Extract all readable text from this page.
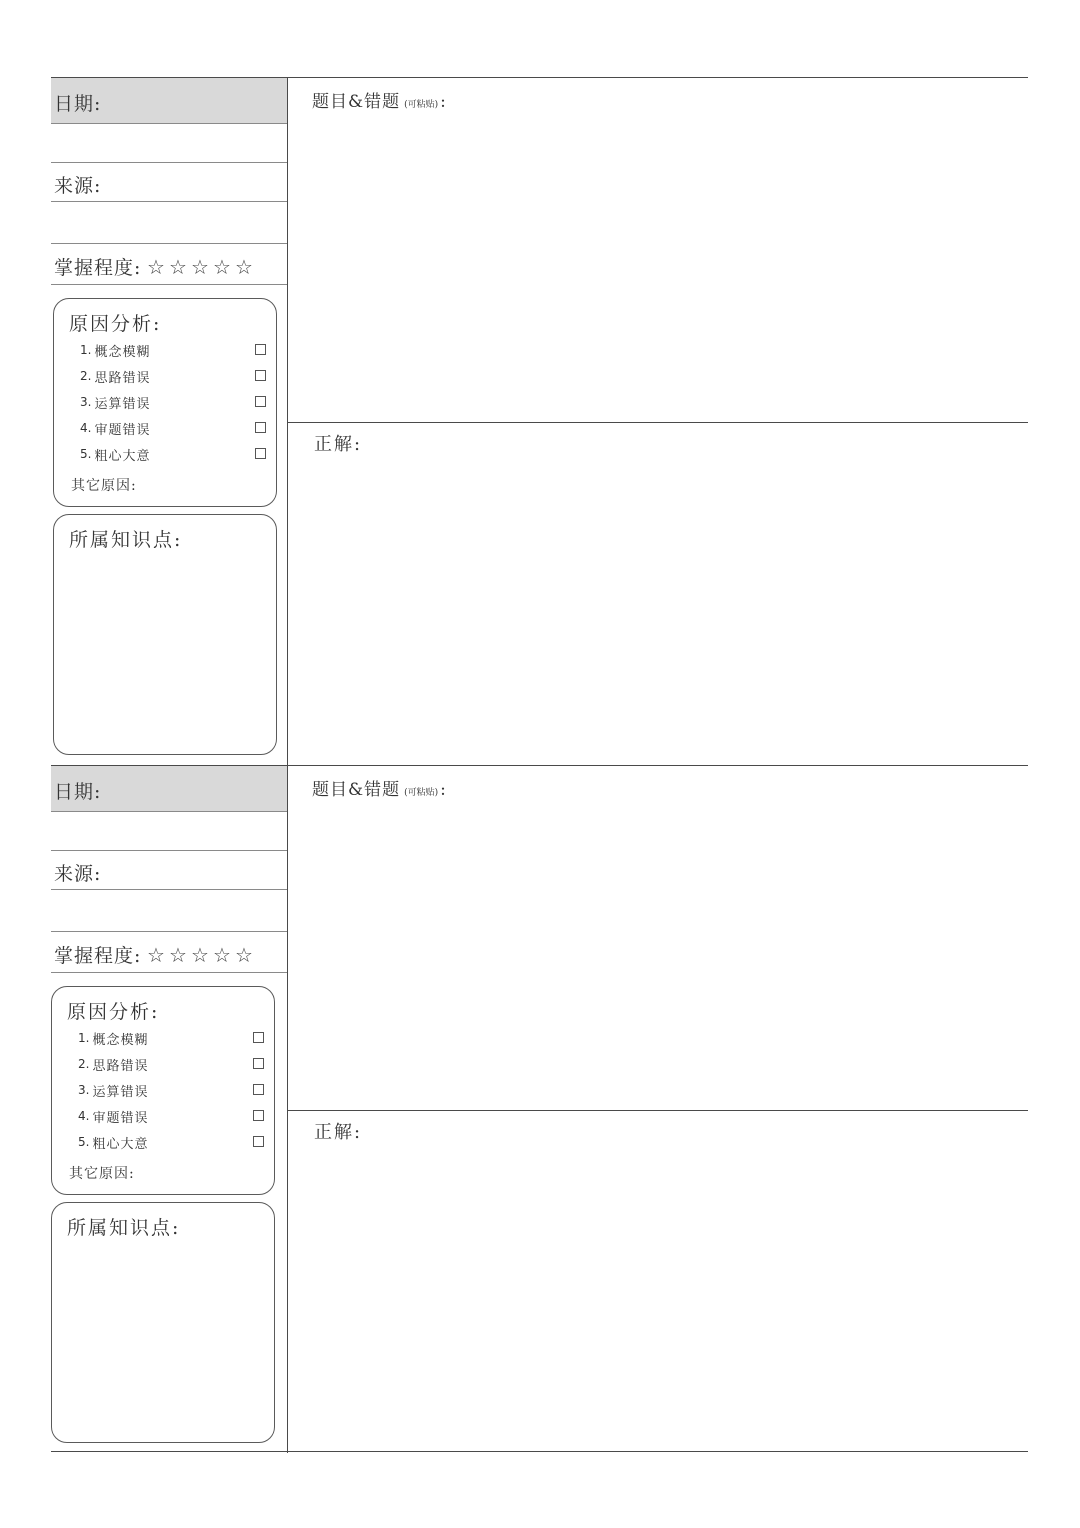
日期:
来源:
掌握程度: ☆ ☆ ☆ ☆ ☆
原因分析:
1. 概念模糊
2. 思路错误
3. 运算错误
4. 审题错误
5. 粗心大意
其它原因:
所属知识点:
题目&错题 (可粘贴) :
正解:
日期:
来源:
掌握程度: ☆ ☆ ☆ ☆ ☆
原因分析:
1. 概念模糊
2. 思路错误
3. 运算错误
4. 审题错误
5. 粗心大意
其它原因:
所属知识点:
题目&错题 (可粘贴) :
正解:
